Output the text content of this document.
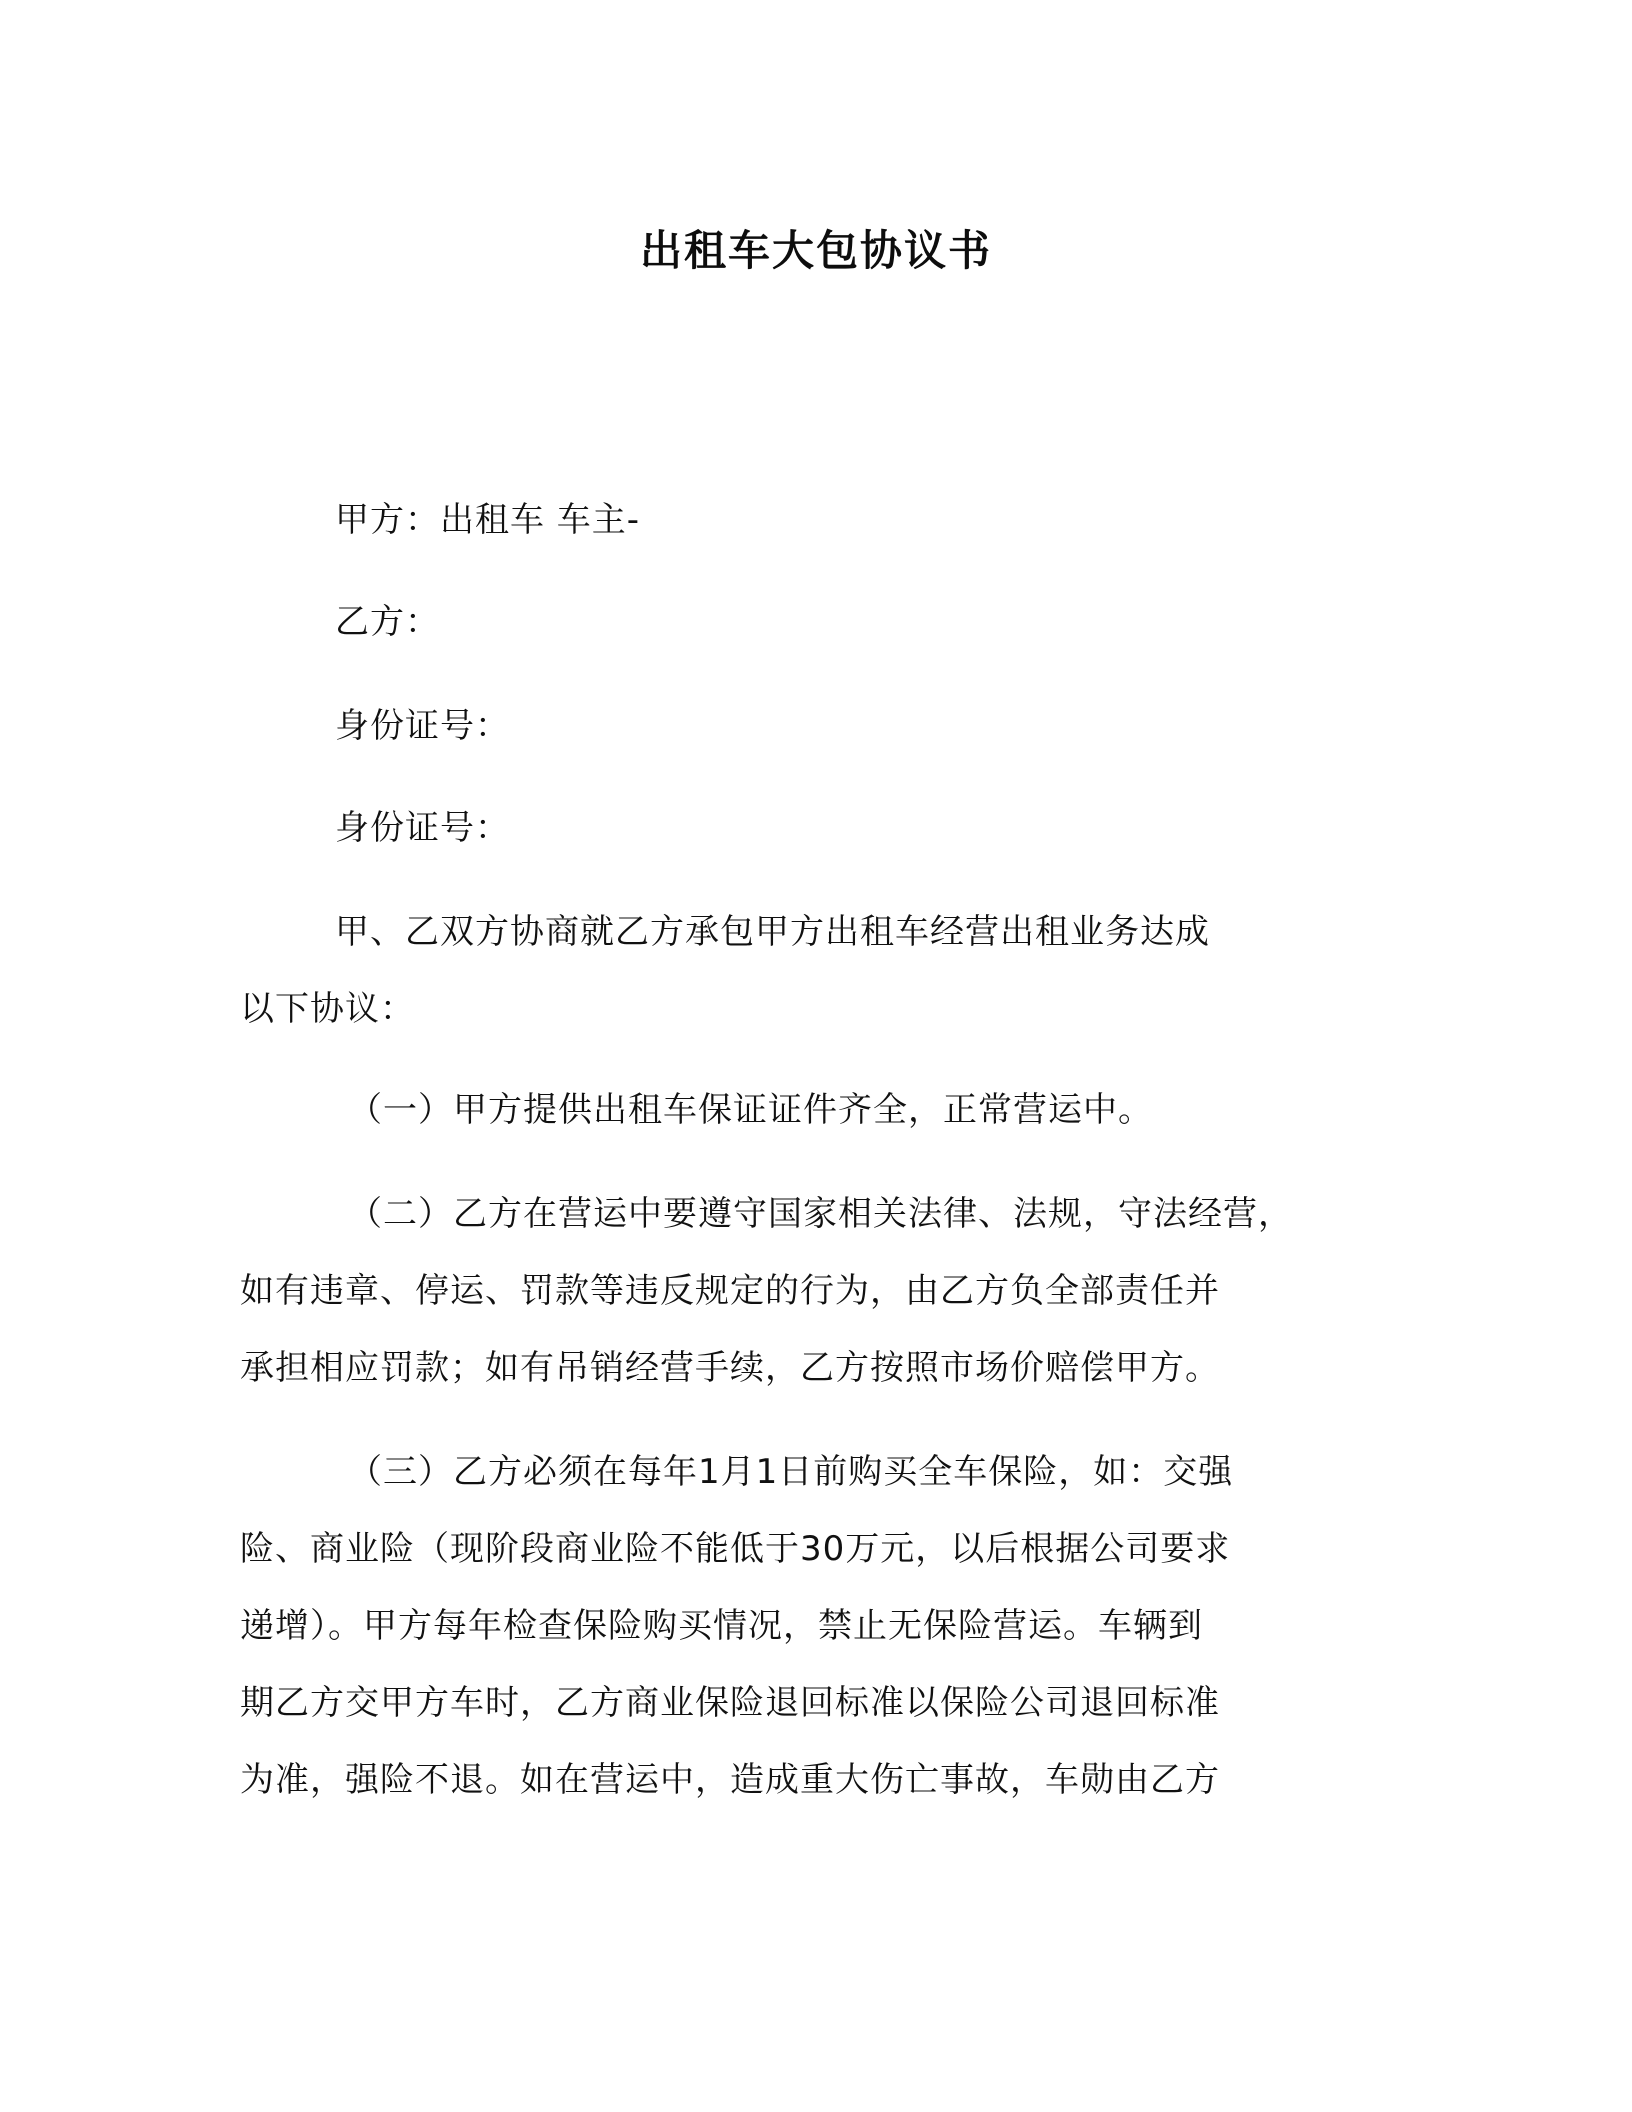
出租车大包协议书
甲方：出租车 车主-
乙方：
身份证号：
身份证号：
甲、乙双方协商就乙方承包甲方出租车经营出租业务达成
以下协议：
（一）甲方提供出租车保证证件齐全，正常营运中。
（二）乙方在营运中要遵守国家相关法律、法规，守法经营，
如有违章、停运、罚款等违反规定的行为，由乙方负全部责任并
承担相应罚款；如有吊销经营手续，乙方按照市场价赔偿甲方。
（三）乙方必须在每年1月1日前购买全车保险，如：交强
险、商业险（现阶段商业险不能低于30万元，以后根据公司要求
递增）。甲方每年检查保险购买情况，禁止无保险营运。车辆到
期乙方交甲方车时，乙方商业保险退回标准以保险公司退回标准
为准，强险不退。如在营运中，造成重大伤亡事故，车勋由乙方
